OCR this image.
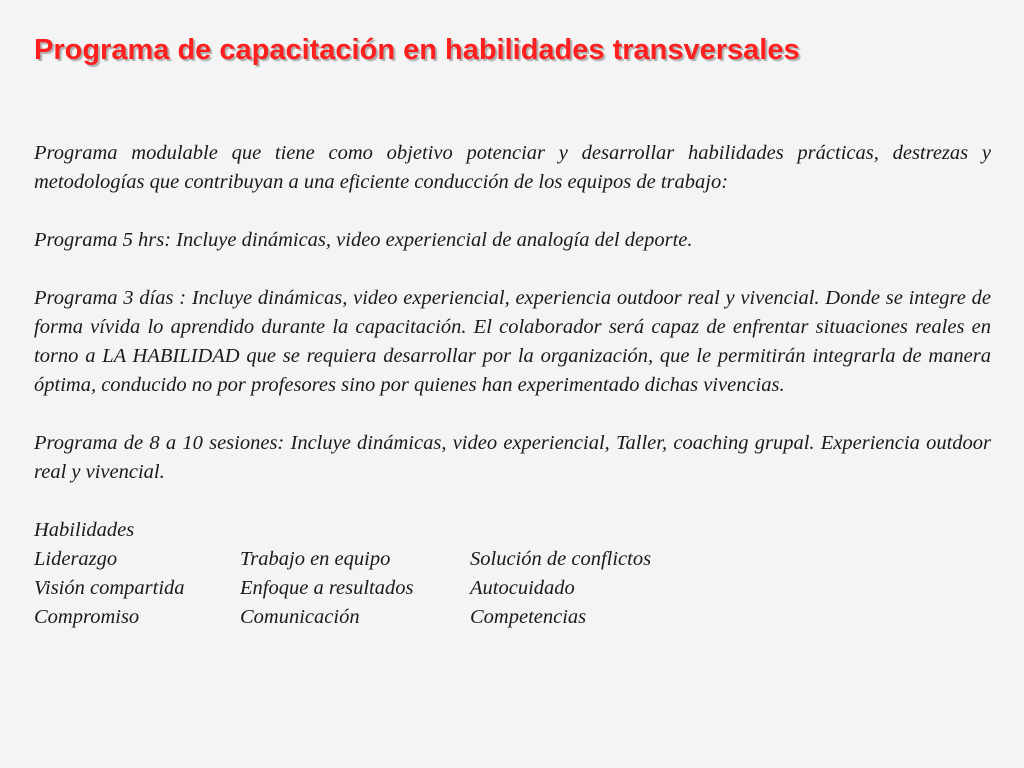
Programa de capacitación en habilidades transversales

Programa modulable que tiene como objetivo potenciar y desarrollar habilidades prácticas, destrezas y metodologías que contribuyan a una eficiente conducción de los equipos de trabajo:

Programa 5 hrs: Incluye dinámicas, video experiencial de analogía del deporte.

Programa 3 días : Incluye dinámicas, video experiencial, experiencia outdoor real y vivencial. Donde se integre de forma vívida lo aprendido durante la capacitación. El colaborador será capaz de enfrentar situaciones reales en torno a LA HABILIDAD que se requiera desarrollar por la organización, que le permitirán integrarla de manera óptima, conducido no por profesores sino por quienes han experimentado dichas vivencias.

Programa de 8 a 10 sesiones: Incluye dinámicas, video experiencial, Taller, coaching grupal. Experiencia outdoor real y vivencial.

Habilidades

Liderazgo	Trabajo en equipo	Solución de conflictos
Visión compartida	Enfoque a resultados	Autocuidado
Compromiso	Comunicación	Competencias
